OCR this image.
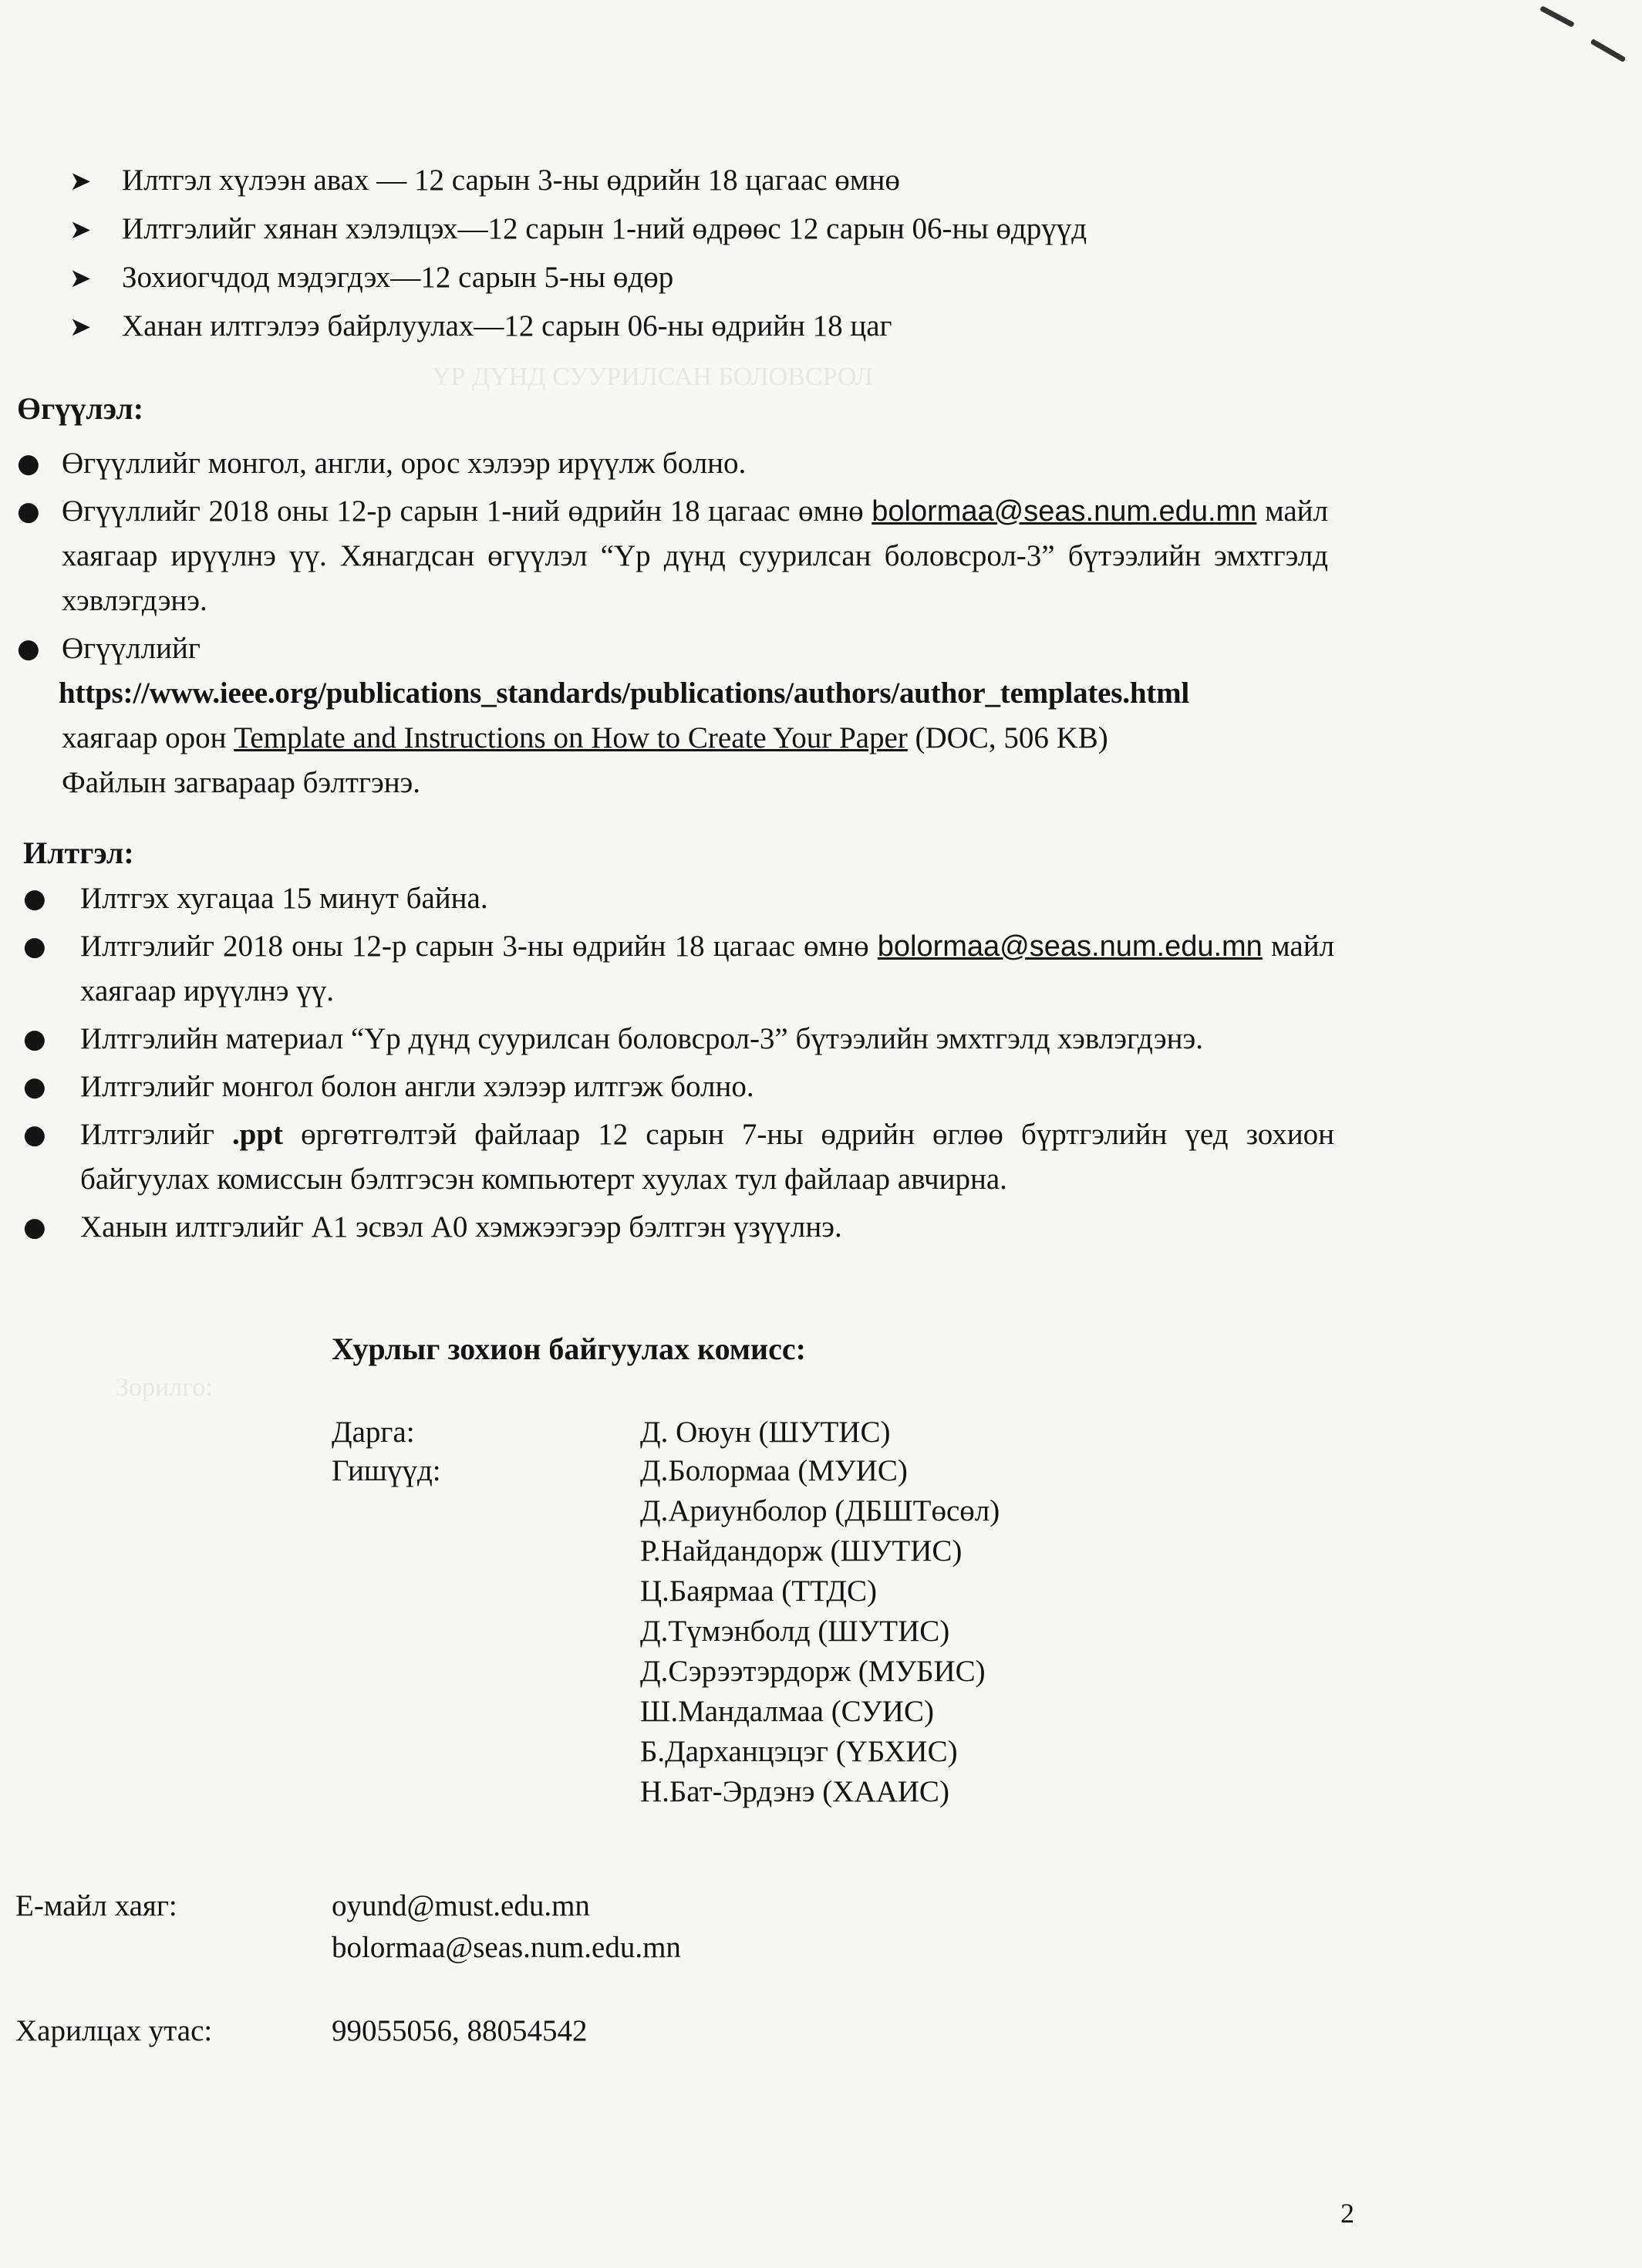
ҮР ДҮНД СУУРИЛСАН БОЛОВСРОЛ
Зорилго:
➤	Илтгэл хүлээн авах — 12 сарын 3-ны өдрийн 18 цагаас өмнө
➤	Илтгэлийг хянан хэлэлцэх—12 сарын 1-ний өдрөөс 12 сарын 06-ны өдрүүд
➤	Зохиогчдод мэдэгдэх—12 сарын 5-ны өдөр
➤	Ханан илтгэлээ байрлуулах—12 сарын 06-ны өдрийн 18 цаг
Өгүүлэл:
● Өгүүллийг монгол, англи, орос хэлээр ирүүлж болно.
● Өгүүллийг 2018 оны 12-р сарын 1-ний өдрийн 18 цагаас өмнө bolormaa@seas.num.edu.mn майл хаягаар ирүүлнэ үү. Хянагдсан өгүүлэл “Үр дүнд суурилсан боловсрол-3” бүтээлийн эмхтгэлд хэвлэгдэнэ.
● Өгүүллийг
https://www.ieee.org/publications_standards/publications/authors/author_templates.html
хаягаар орон Template and Instructions on How to Create Your Paper (DOC, 506 KB)
Файлын загвараар бэлтгэнэ.
Илтгэл:
●	Илтгэх хугацаа 15 минут байна.
●	Илтгэлийг 2018 оны 12-р сарын 3-ны өдрийн 18 цагаас өмнө bolormaa@seas.num.edu.mn майл хаягаар ирүүлнэ үү.
●	Илтгэлийн материал “Үр дүнд суурилсан боловсрол-3” бүтээлийн эмхтгэлд хэвлэгдэнэ.
●	Илтгэлийг монгол болон англи хэлээр илтгэж болно.
●	Илтгэлийг .ppt өргөтгөлтэй файлаар 12 сарын 7-ны өдрийн өглөө бүртгэлийн үед зохион байгуулах комиссын бэлтгэсэн компьютерт хуулах тул файлаар авчирна.
●	Ханын илтгэлийг А1 эсвэл А0 хэмжээгээр бэлтгэн үзүүлнэ.
Хурлыг зохион байгуулах комисс:
Дарга:	Д. Оюун (ШУТИС)
Гишүүд:	Д.Болормаа (МУИС)
Д.Ариунболор (ДБШТөсөл)
Р.Найдандорж (ШУТИС)
Ц.Баярмаа (ТТДС)
Д.Түмэнболд (ШУТИС)
Д.Сэрээтэрдорж (МУБИС)
Ш.Мандалмаа (СУИС)
Б.Дарханцэцэг (ҮБХИС)
Н.Бат-Эрдэнэ (ХААИС)
Е-майл хаяг:	oyund@must.edu.mn
bolormaa@seas.num.edu.mn
Харилцах утас:	99055056, 88054542
2
